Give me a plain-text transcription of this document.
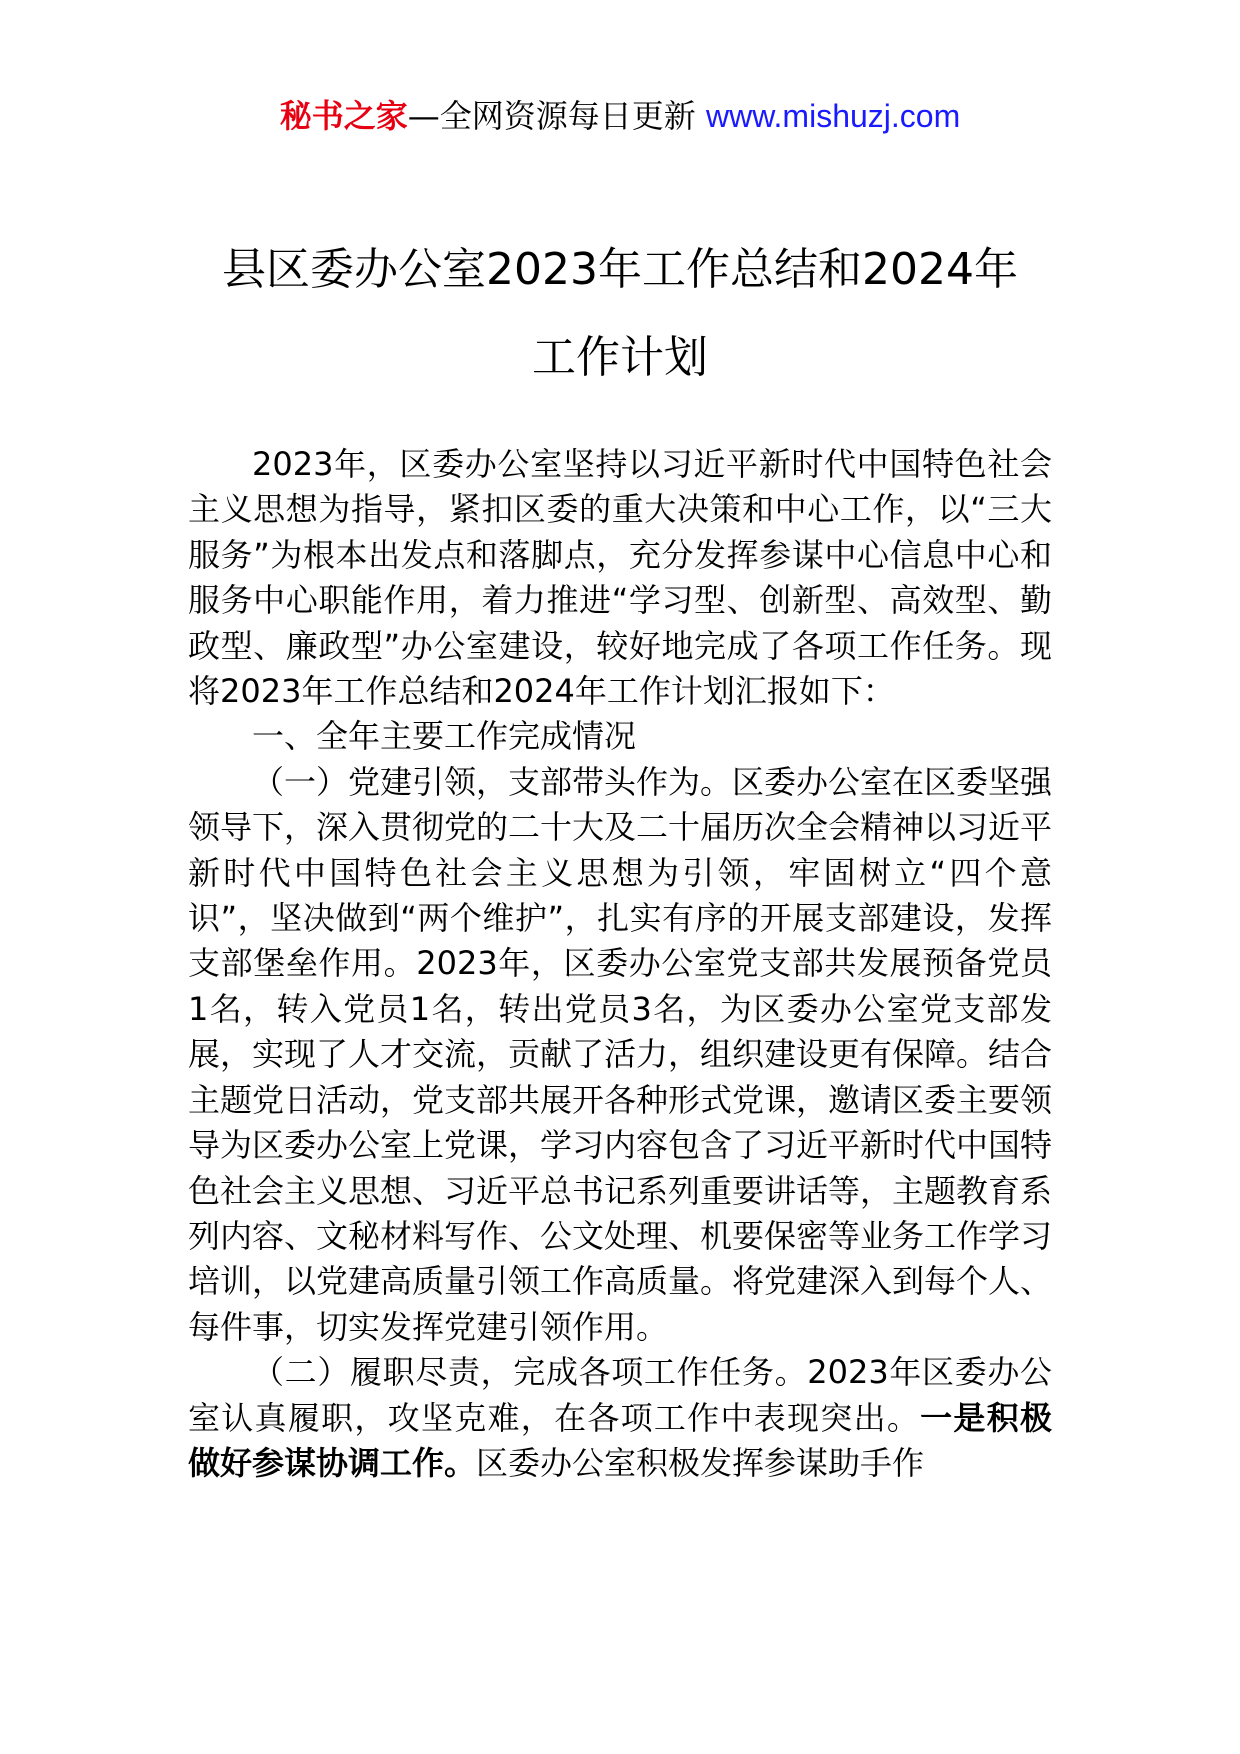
秘书之家—全网资源每日更新 www.mishuzj.com
县区委办公室2023年工作总结和2024年
工作计划

2023年，区委办公室坚持以习近平新时代中国特色社会主义思想为指导，紧扣区委的重大决策和中心工作，以“三大服务”为根本出发点和落脚点，充分发挥参谋中心信息中心和服务中心职能作用，着力推进“学习型、创新型、高效型、勤政型、廉政型”办公室建设，较好地完成了各项工作任务。现将2023年工作总结和2024年工作计划汇报如下：

一、全年主要工作完成情况

（一）党建引领，支部带头作为。区委办公室在区委坚强领导下，深入贯彻党的二十大及二十届历次全会精神以习近平新时代中国特色社会主义思想为引领，牢固树立“四个意识”，坚决做到“两个维护”，扎实有序的开展支部建设，发挥支部堡垒作用。2023年，区委办公室党支部共发展预备党员1名，转入党员1名，转出党员3名，为区委办公室党支部发展，实现了人才交流，贡献了活力，组织建设更有保障。结合主题党日活动，党支部共展开各种形式党课，邀请区委主要领导为区委办公室上党课，学习内容包含了习近平新时代中国特色社会主义思想、习近平总书记系列重要讲话等，主题教育系列内容、文秘材料写作、公文处理、机要保密等业务工作学习培训，以党建高质量引领工作高质量。将党建深入到每个人、每件事，切实发挥党建引领作用。

（二）履职尽责，完成各项工作任务。2023年区委办公室认真履职，攻坚克难，在各项工作中表现突出。一是积极做好参谋协调工作。区委办公室积极发挥参谋助手作
